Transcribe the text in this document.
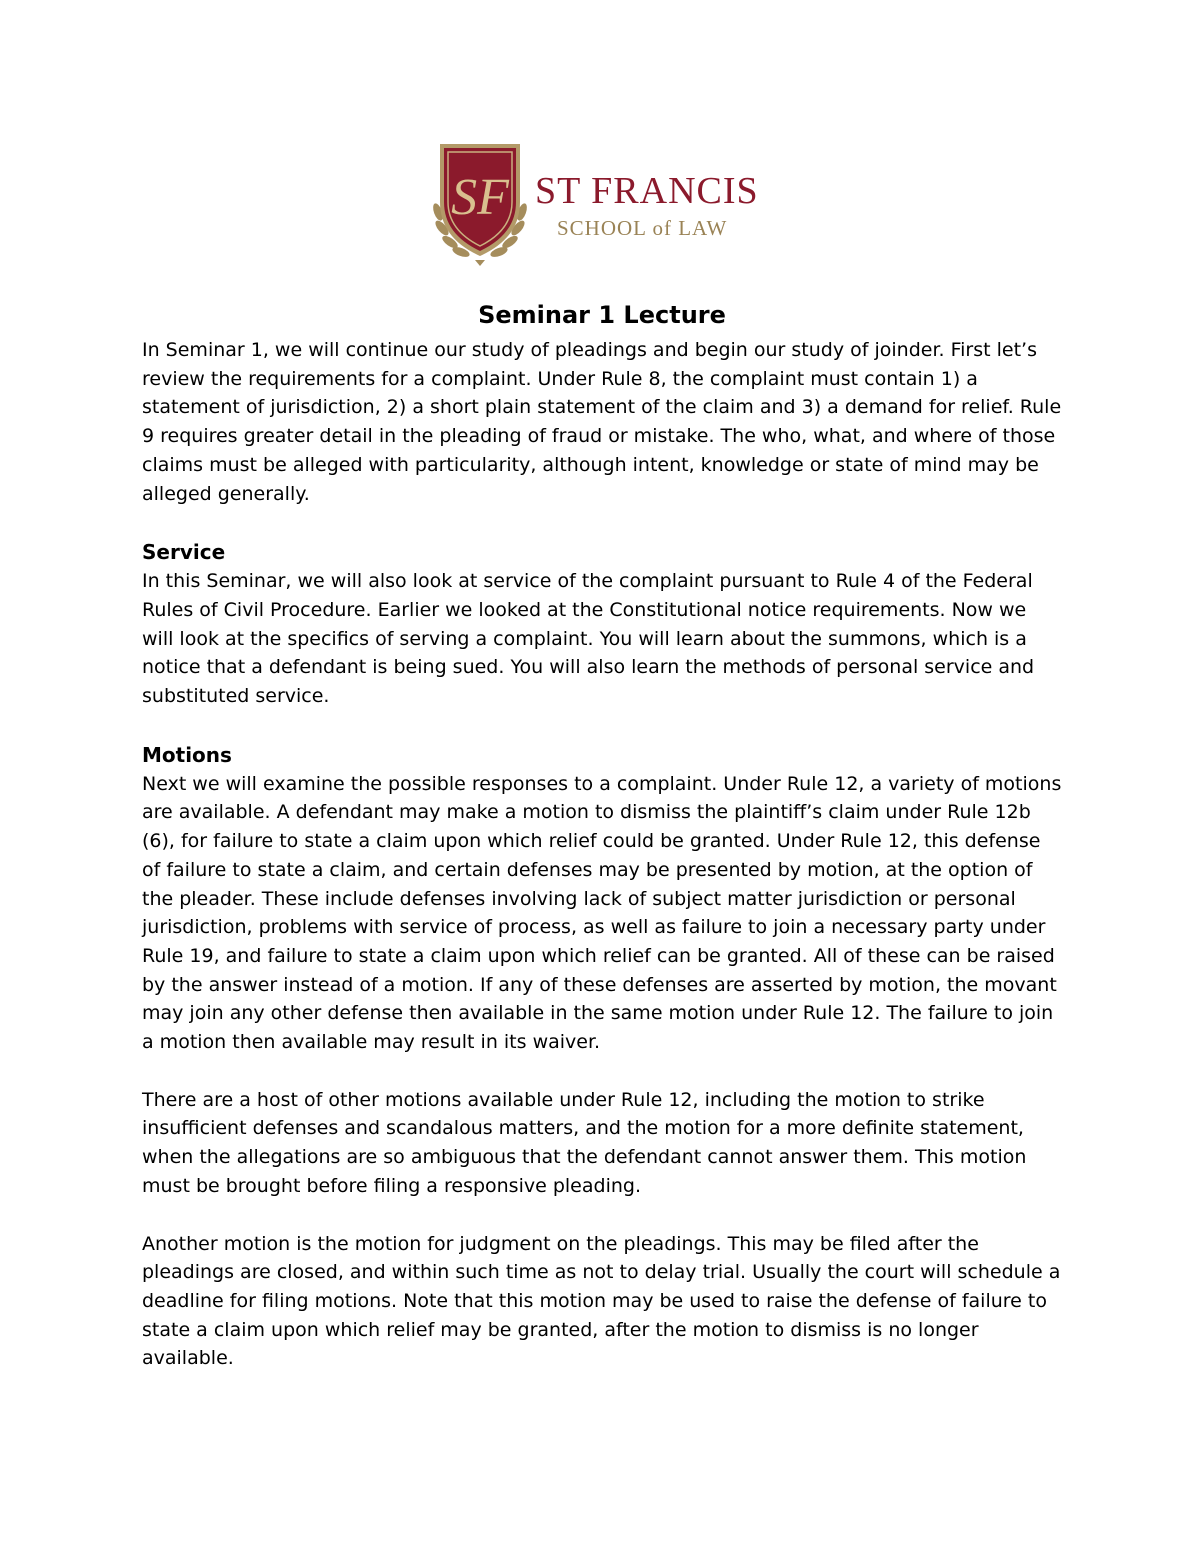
SF ST FRANCIS
SCHOOL of LAW
Seminar 1 Lecture

In Seminar 1, we will continue our study of pleadings and begin our study of joinder. First let’s review the requirements for a complaint. Under Rule 8, the complaint must contain 1) a statement of jurisdiction, 2) a short plain statement of the claim and 3) a demand for relief. Rule 9 requires greater detail in the pleading of fraud or mistake. The who, what, and where of those claims must be alleged with particularity, although intent, knowledge or state of mind may be alleged generally.

Service

In this Seminar, we will also look at service of the complaint pursuant to Rule 4 of the Federal Rules of Civil Procedure. Earlier we looked at the Constitutional notice requirements. Now we will look at the specifics of serving a complaint. You will learn about the summons, which is a notice that a defendant is being sued. You will also learn the methods of personal service and substituted service.

Motions

Next we will examine the possible responses to a complaint. Under Rule 12, a variety of motions are available. A defendant may make a motion to dismiss the plaintiff’s claim under Rule 12b (6), for failure to state a claim upon which relief could be granted. Under Rule 12, this defense of failure to state a claim, and certain defenses may be presented by motion, at the option of the pleader. These include defenses involving lack of subject matter jurisdiction or personal jurisdiction, problems with service of process, as well as failure to join a necessary party under Rule 19, and failure to state a claim upon which relief can be granted. All of these can be raised by the answer instead of a motion. If any of these defenses are asserted by motion, the movant may join any other defense then available in the same motion under Rule 12. The failure to join a motion then available may result in its waiver.

There are a host of other motions available under Rule 12, including the motion to strike insufficient defenses and scandalous matters, and the motion for a more definite statement, when the allegations are so ambiguous that the defendant cannot answer them. This motion must be brought before filing a responsive pleading.

Another motion is the motion for judgment on the pleadings. This may be filed after the pleadings are closed, and within such time as not to delay trial. Usually the court will schedule a deadline for filing motions. Note that this motion may be used to raise the defense of failure to state a claim upon which relief may be granted, after the motion to dismiss is no longer available.
